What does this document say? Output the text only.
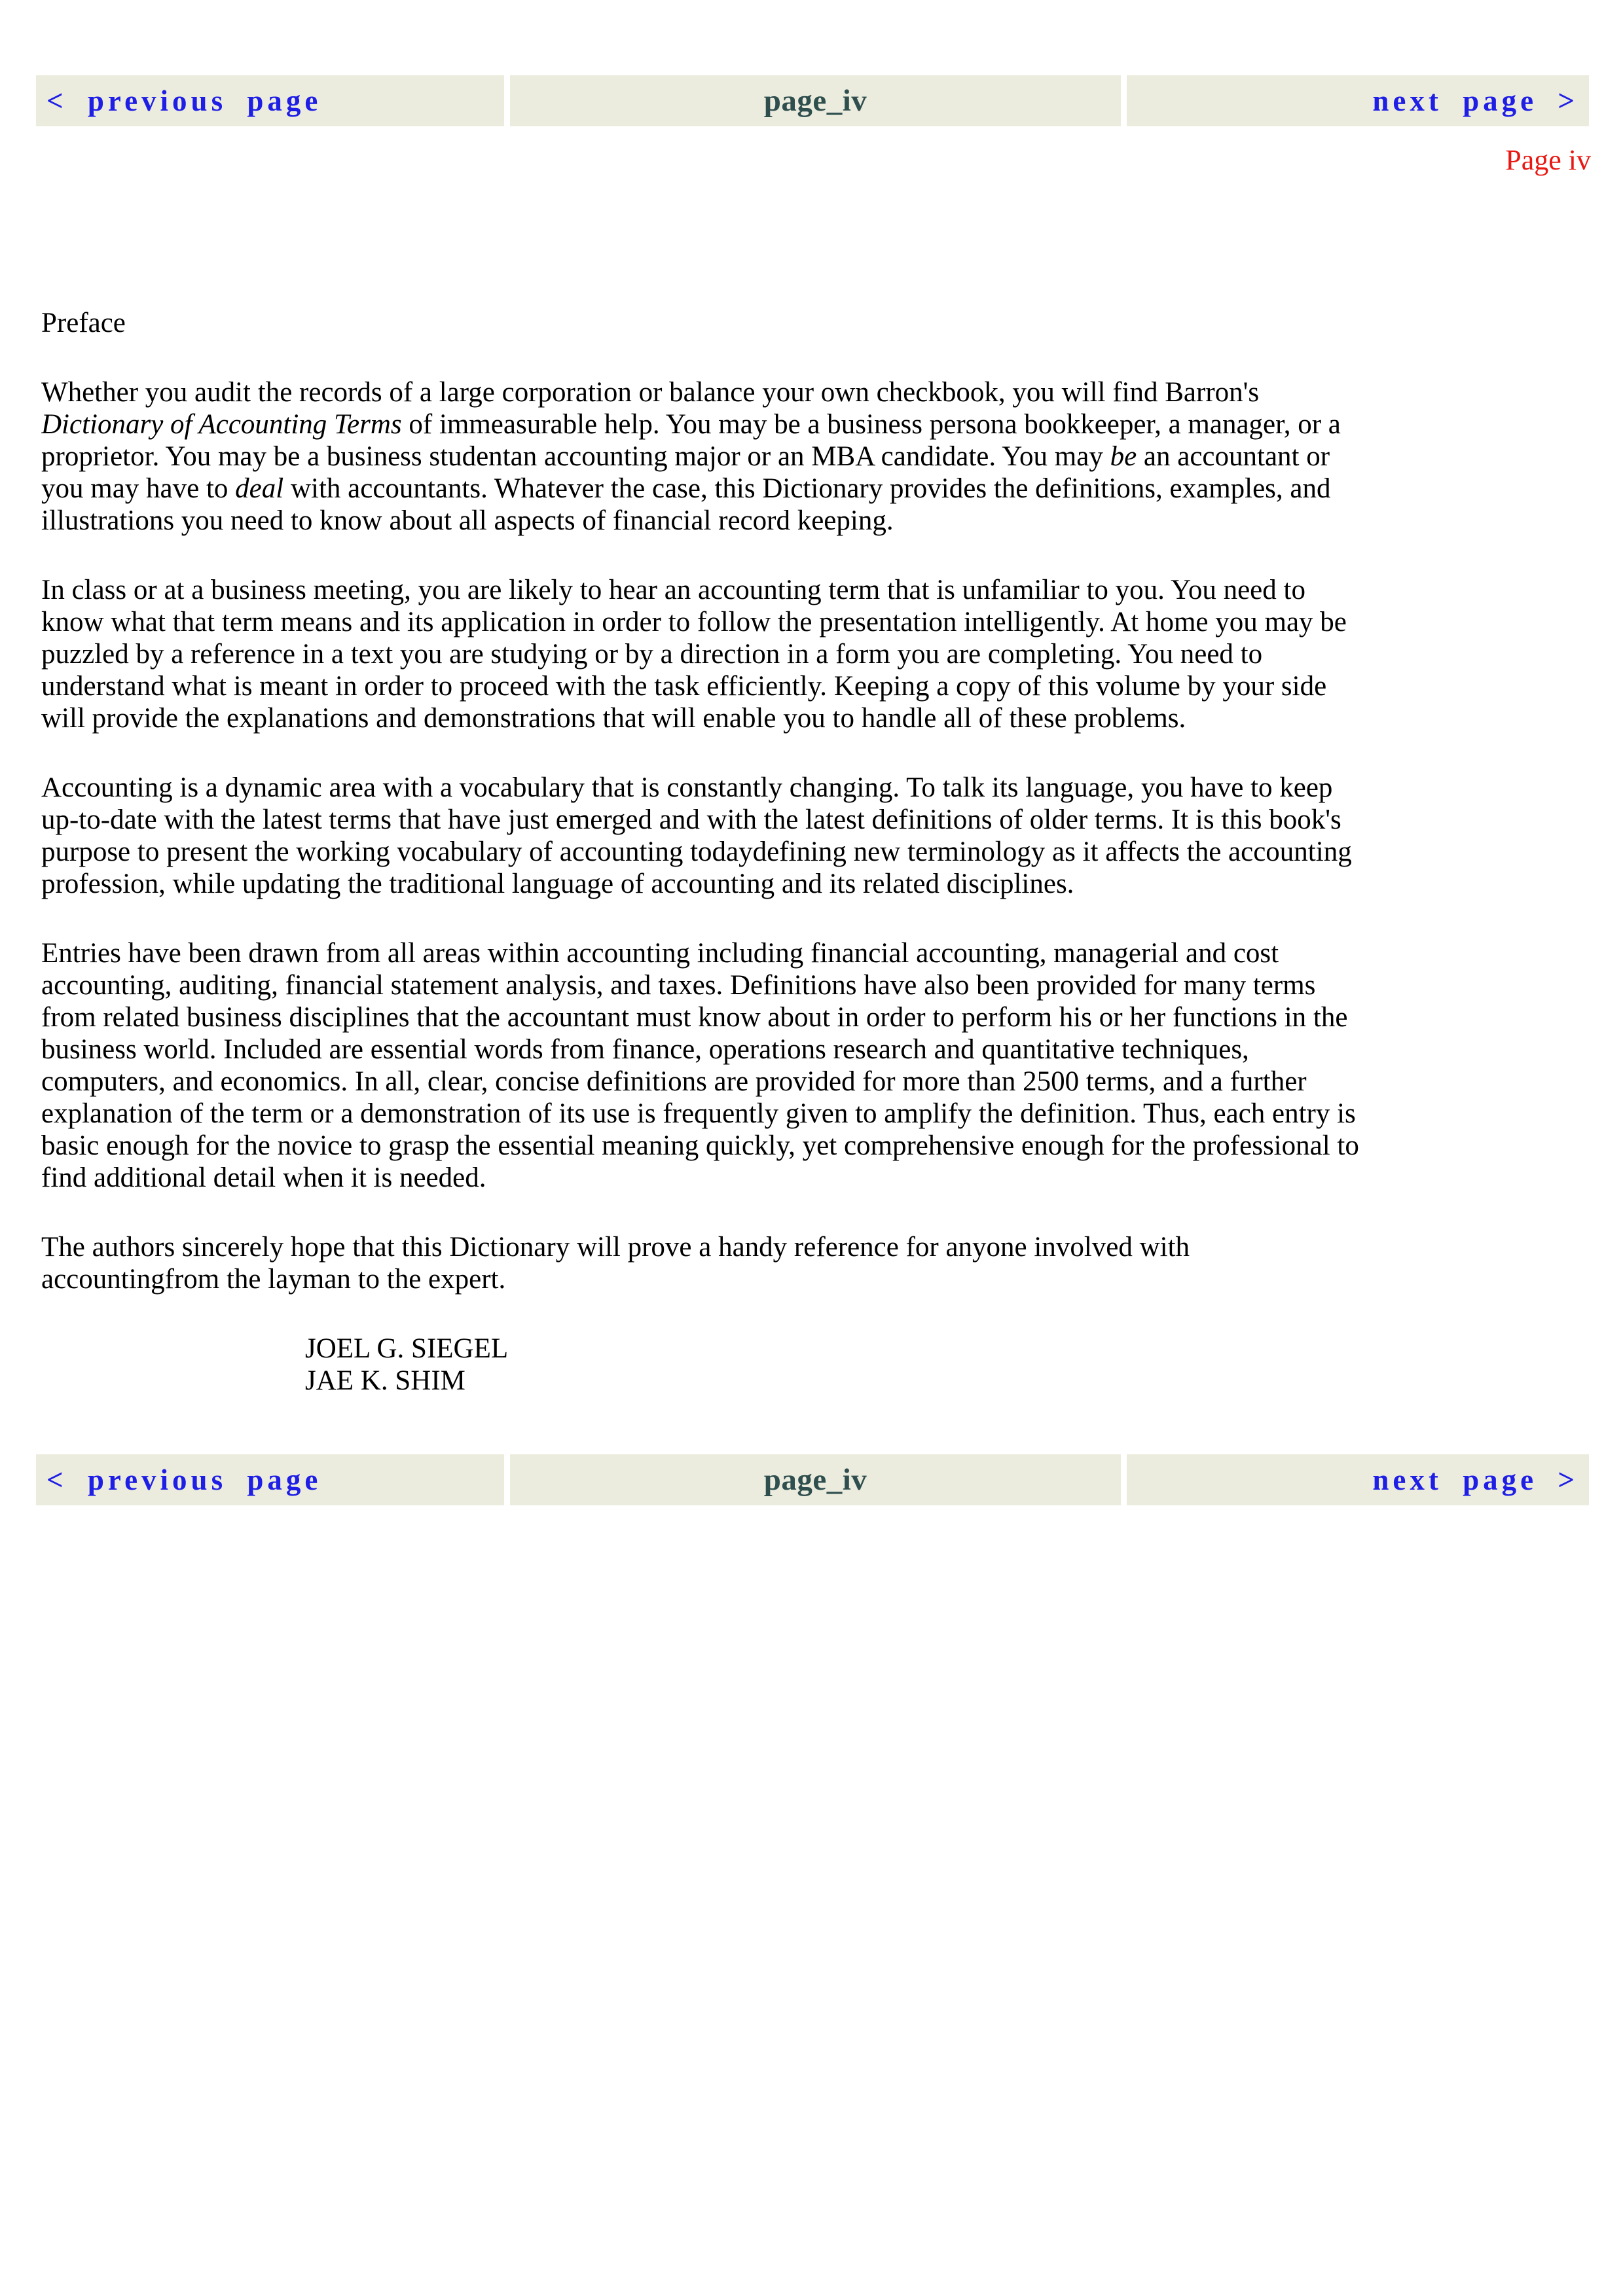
< previous page	page_iv	next page >
Page iv
Preface
Whether you audit the records of a large corporation or balance your own checkbook, you will find Barron's
Dictionary of Accounting Terms of immeasurable help. You may be a business persona bookkeeper, a manager, or a
proprietor. You may be a business studentan accounting major or an MBA candidate. You may be an accountant or
you may have to deal with accountants. Whatever the case, this Dictionary provides the definitions, examples, and
illustrations you need to know about all aspects of financial record keeping.
In class or at a business meeting, you are likely to hear an accounting term that is unfamiliar to you. You need to
know what that term means and its application in order to follow the presentation intelligently. At home you may be
puzzled by a reference in a text you are studying or by a direction in a form you are completing. You need to
understand what is meant in order to proceed with the task efficiently. Keeping a copy of this volume by your side
will provide the explanations and demonstrations that will enable you to handle all of these problems.
Accounting is a dynamic area with a vocabulary that is constantly changing. To talk its language, you have to keep
up-to-date with the latest terms that have just emerged and with the latest definitions of older terms. It is this book's
purpose to present the working vocabulary of accounting todaydefining new terminology as it affects the accounting
profession, while updating the traditional language of accounting and its related disciplines.
Entries have been drawn from all areas within accounting including financial accounting, managerial and cost
accounting, auditing, financial statement analysis, and taxes. Definitions have also been provided for many terms
from related business disciplines that the accountant must know about in order to perform his or her functions in the
business world. Included are essential words from finance, operations research and quantitative techniques,
computers, and economics. In all, clear, concise definitions are provided for more than 2500 terms, and a further
explanation of the term or a demonstration of its use is frequently given to amplify the definition. Thus, each entry is
basic enough for the novice to grasp the essential meaning quickly, yet comprehensive enough for the professional to
find additional detail when it is needed.
The authors sincerely hope that this Dictionary will prove a handy reference for anyone involved with
accountingfrom the layman to the expert.
JOEL G. SIEGEL
JAE K. SHIM
< previous page	page_iv	next page >
